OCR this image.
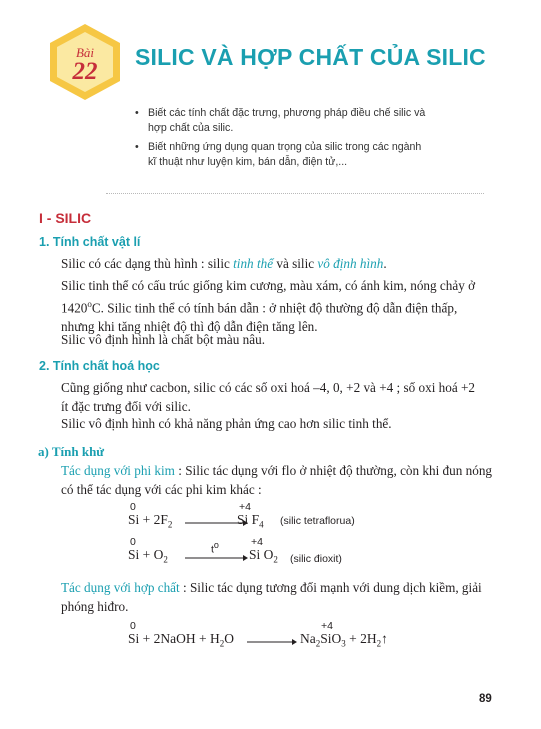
Bài
22
SILIC VÀ HỢP CHẤT CỦA SILIC
• Biết các tính chất đặc trưng, phương pháp điều chế silic và
hợp chất của silic.
• Biết những ứng dụng quan trọng của silic trong các ngành
kĩ thuật như luyện kim, bán dẫn, điện tử,...
I - SILIC
1. Tính chất vật lí
Silic có các dạng thù hình : silic tinh thể và silic vô định hình.
Silic tinh thể có cấu trúc giống kim cương, màu xám, có ánh kim, nóng chảy ở
1420$^o$C. Silic tinh thể có tính bán dẫn : ở nhiệt độ thường độ dẫn điện thấp,
nhưng khi tăng nhiệt độ thì độ dẫn điện tăng lên.
Silic vô định hình là chất bột màu nâu.
2. Tính chất hoá học
Cũng giống như cacbon, silic có các số oxi hoá –4, 0, +2 và +4 ; số oxi hoá +2
ít đặc trưng đối với silic.
Silic vô định hình có khả năng phản ứng cao hơn silic tinh thể.
a) Tính khử
Tác dụng với phi kim : Silic tác dụng với flo ở nhiệt độ thường, còn khi đun nóng
có thể tác dụng với các phi kim khác :
0
$Si + 2F_2$ →
+4
Si $F_4$ (silic tetraflorua)
0
$Si + O_2$
$t^o$	+4
Si $O_2$ (silic đioxit)
Tác dụng với hợp chất : Silic tác dụng tương đối mạnh với dung dịch kiềm, giải
phóng hiđro.
0
Si + 2NaOH + $H_2O$ →
+4
$Na_2SiO_3$ + $2H_2↑$
89
